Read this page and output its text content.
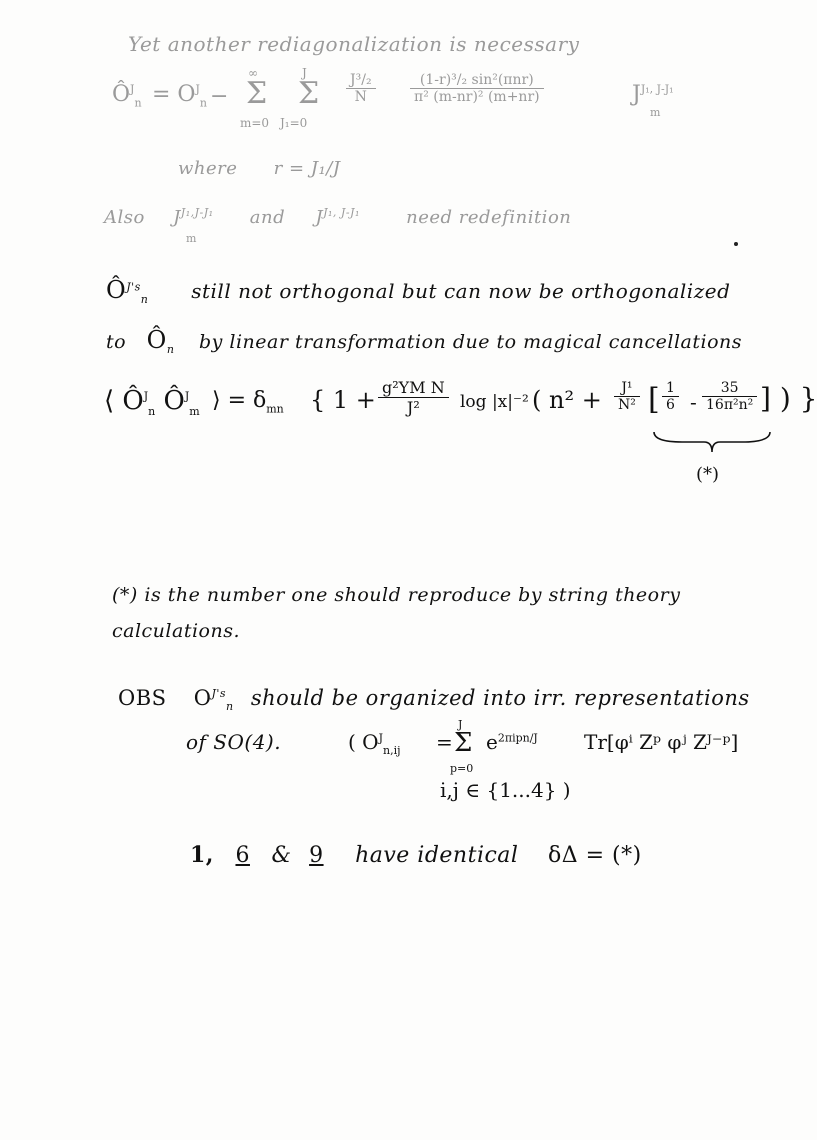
Yet another rediagonalization is necessary
$Ô^J_n = O^J_n$ −
∞
Σ
m=0
J
Σ
J₁=0
$\frac{\text{J³/₂}}{N}$	(1-r)³/₂ sin²(πnr)
π² (m-nr)² (m+nr)	$J^{J_1, J-J_1}$
m
where r = J₁/J
Also $J^{J_1,J-J_1}$ and $J^{J_1, J-J_1}$	need redefinition
m
$Ô^{J's}_n$ still not orthogonal but can now be orthogonalized
to $Ô_n$ by linear transformation due to magical cancellations
⟨ $Ô^J_n$ $Ô^J_m$ ⟩ = $\delta_{mn}$ { $1 + \frac{\text{g²YM N}}{\text{J²}}$ log |x|⁻² ( $n^2 + \frac{\text{J¹}}{\text{N²}}$ [ $\frac{1}{6} - \frac{35}{\text{16π²n²}}$ ] ) }
(*)
(*) is the number one should reproduce by string theory
calculations.
OBS $O^{J's}_n$ should be organized into irr. representations
of SO(4).	( $O^J_{n,ij}$ =
J
Σ
p=0
$e^{2\pi ipn/J}$ Tr[φⁱ Zᵖ φʲ Zᴶ⁻ᵖ]
i,j ∈ {1...4} )
1, 6 & 9 have identical δΔ = (*)
